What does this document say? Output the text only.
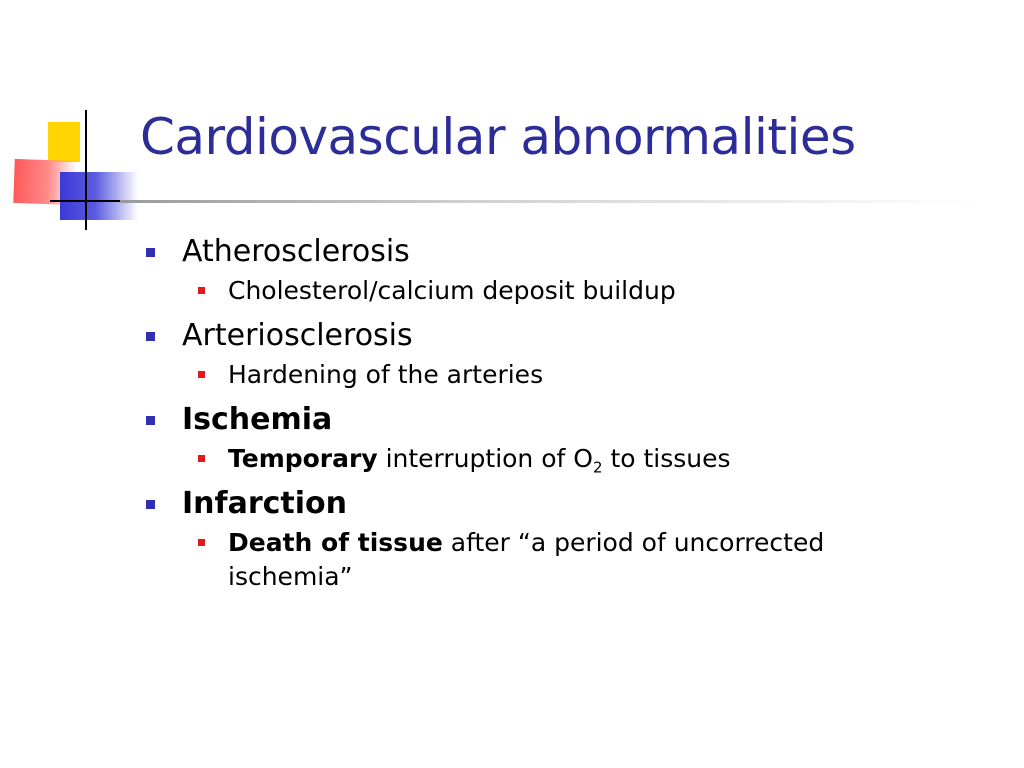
Cardiovascular abnormalities
Atherosclerosis
Cholesterol/calcium deposit buildup
Arteriosclerosis
Hardening of the arteries
Ischemia
Temporary interruption of $O_2$ to tissues
Infarction
Death of tissue after “a period of uncorrected ischemia”
